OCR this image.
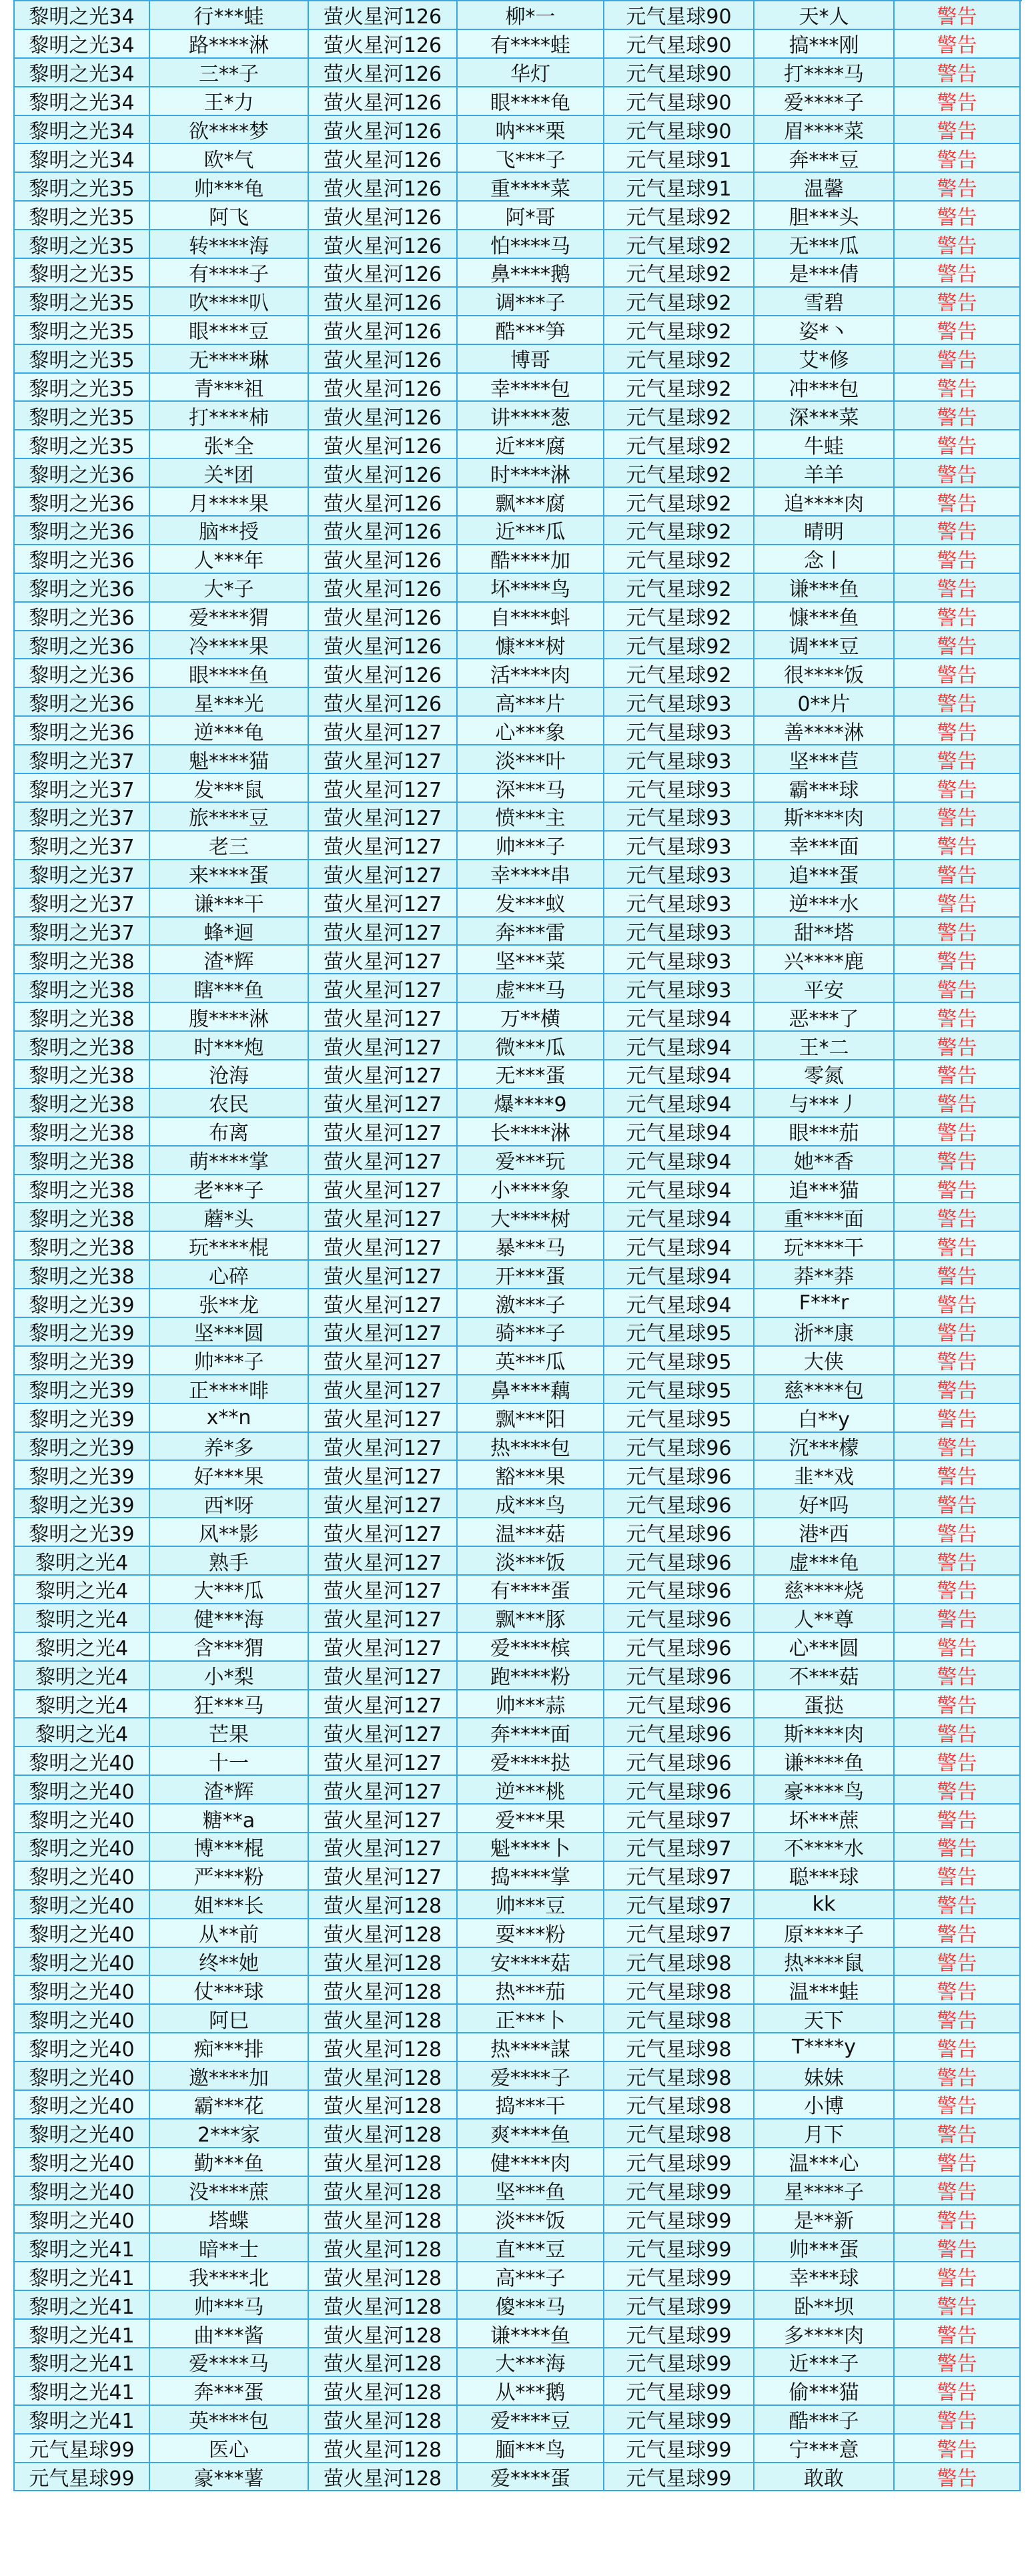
黎明之光34	行***蛙	萤火星河126	柳*一	元气星球90	天*人	警告
黎明之光34	路****淋	萤火星河126	有****蛙	元气星球90	搞***刚	警告
黎明之光34	三**子	萤火星河126	华灯	元气星球90	打****马	警告
黎明之光34	王*力	萤火星河126	眼****龟	元气星球90	爱****子	警告
黎明之光34	欲****梦	萤火星河126	呐***栗	元气星球90	眉****菜	警告
黎明之光34	欧*气	萤火星河126	飞***子	元气星球91	奔***豆	警告
黎明之光35	帅***龟	萤火星河126	重****菜	元气星球91	温馨	警告
黎明之光35	阿飞	萤火星河126	阿*哥	元气星球92	胆***头	警告
黎明之光35	转****海	萤火星河126	怕****马	元气星球92	无***瓜	警告
黎明之光35	有****子	萤火星河126	鼻****鹅	元气星球92	是***倩	警告
黎明之光35	吹****叭	萤火星河126	调***子	元气星球92	雪碧	警告
黎明之光35	眼****豆	萤火星河126	酷***笋	元气星球92	姿*丶	警告
黎明之光35	无****琳	萤火星河126	博哥	元气星球92	艾*修	警告
黎明之光35	青***祖	萤火星河126	幸****包	元气星球92	冲***包	警告
黎明之光35	打****柿	萤火星河126	讲****葱	元气星球92	深***菜	警告
黎明之光35	张*全	萤火星河126	近***腐	元气星球92	牛蛙	警告
黎明之光36	关*团	萤火星河126	时****淋	元气星球92	羊羊	警告
黎明之光36	月****果	萤火星河126	飘***腐	元气星球92	追****肉	警告
黎明之光36	脑**授	萤火星河126	近***瓜	元气星球92	晴明	警告
黎明之光36	人***年	萤火星河126	酷****加	元气星球92	念丨	警告
黎明之光36	大*子	萤火星河126	坏****鸟	元气星球92	谦***鱼	警告
黎明之光36	爱****猬	萤火星河126	自****蚪	元气星球92	慷***鱼	警告
黎明之光36	冷****果	萤火星河126	慷***树	元气星球92	调***豆	警告
黎明之光36	眼****鱼	萤火星河126	活****肉	元气星球92	很****饭	警告
黎明之光36	星***光	萤火星河126	高***片	元气星球93	0**片	警告
黎明之光36	逆***龟	萤火星河127	心***象	元气星球93	善****淋	警告
黎明之光37	魁****猫	萤火星河127	淡***叶	元气星球93	坚***苣	警告
黎明之光37	发***鼠	萤火星河127	深***马	元气星球93	霸***球	警告
黎明之光37	旅****豆	萤火星河127	愤***主	元气星球93	斯****肉	警告
黎明之光37	老三	萤火星河127	帅***子	元气星球93	幸***面	警告
黎明之光37	来****蛋	萤火星河127	幸****串	元气星球93	追***蛋	警告
黎明之光37	谦***干	萤火星河127	发***蚁	元气星球93	逆***水	警告
黎明之光37	蜂*迴	萤火星河127	奔***雷	元气星球93	甜**塔	警告
黎明之光38	渣*辉	萤火星河127	坚***菜	元气星球93	兴****鹿	警告
黎明之光38	瞎***鱼	萤火星河127	虚***马	元气星球93	平安	警告
黎明之光38	腹****淋	萤火星河127	万**横	元气星球94	恶***了	警告
黎明之光38	时***炮	萤火星河127	微***瓜	元气星球94	王*二	警告
黎明之光38	沧海	萤火星河127	无***蛋	元气星球94	零氮	警告
黎明之光38	农民	萤火星河127	爆****9	元气星球94	与***丿	警告
黎明之光38	布离	萤火星河127	长****淋	元气星球94	眼***茄	警告
黎明之光38	萌****掌	萤火星河127	爱***玩	元气星球94	她**香	警告
黎明之光38	老***子	萤火星河127	小****象	元气星球94	追***猫	警告
黎明之光38	蘑*头	萤火星河127	大****树	元气星球94	重****面	警告
黎明之光38	玩****棍	萤火星河127	暴***马	元气星球94	玩****干	警告
黎明之光38	心碎	萤火星河127	开***蛋	元气星球94	莽**莽	警告
黎明之光39	张**龙	萤火星河127	激***子	元气星球94	F***r	警告
黎明之光39	坚***圆	萤火星河127	骑***子	元气星球95	浙**康	警告
黎明之光39	帅***子	萤火星河127	英***瓜	元气星球95	大侠	警告
黎明之光39	正****啡	萤火星河127	鼻****藕	元气星球95	慈****包	警告
黎明之光39	x**n	萤火星河127	飘***阳	元气星球95	白**y	警告
黎明之光39	养*多	萤火星河127	热****包	元气星球96	沉***檬	警告
黎明之光39	好***果	萤火星河127	豁***果	元气星球96	韭**戏	警告
黎明之光39	西*呀	萤火星河127	成***鸟	元气星球96	好*吗	警告
黎明之光39	风**影	萤火星河127	温***菇	元气星球96	港*西	警告
黎明之光4	熟手	萤火星河127	淡***饭	元气星球96	虚***龟	警告
黎明之光4	大***瓜	萤火星河127	有****蛋	元气星球96	慈****烧	警告
黎明之光4	健***海	萤火星河127	飘***豚	元气星球96	人**尊	警告
黎明之光4	含***猬	萤火星河127	爱****槟	元气星球96	心***圆	警告
黎明之光4	小*梨	萤火星河127	跑****粉	元气星球96	不***菇	警告
黎明之光4	狂***马	萤火星河127	帅***蒜	元气星球96	蛋挞	警告
黎明之光4	芒果	萤火星河127	奔****面	元气星球96	斯****肉	警告
黎明之光40	十一	萤火星河127	爱****挞	元气星球96	谦****鱼	警告
黎明之光40	渣*辉	萤火星河127	逆***桃	元气星球96	豪****鸟	警告
黎明之光40	糖**a	萤火星河127	爱***果	元气星球97	坏***蔗	警告
黎明之光40	博***棍	萤火星河127	魁****卜	元气星球97	不****水	警告
黎明之光40	严***粉	萤火星河127	捣****掌	元气星球97	聪***球	警告
黎明之光40	姐***长	萤火星河128	帅***豆	元气星球97	kk	警告
黎明之光40	从**前	萤火星河128	耍***粉	元气星球97	原****子	警告
黎明之光40	终**她	萤火星河128	安****菇	元气星球98	热****鼠	警告
黎明之光40	仗***球	萤火星河128	热***茄	元气星球98	温***蛙	警告
黎明之光40	阿巳	萤火星河128	正***卜	元气星球98	天下	警告
黎明之光40	痴***排	萤火星河128	热****謀	元气星球98	T****y	警告
黎明之光40	邀****加	萤火星河128	爱****子	元气星球98	妹妹	警告
黎明之光40	霸***花	萤火星河128	捣***干	元气星球98	小博	警告
黎明之光40	2***家	萤火星河128	爽****鱼	元气星球98	月下	警告
黎明之光40	勤***鱼	萤火星河128	健****肉	元气星球99	温***心	警告
黎明之光40	没****蔗	萤火星河128	坚***鱼	元气星球99	星****子	警告
黎明之光40	塔蝶	萤火星河128	淡***饭	元气星球99	是**新	警告
黎明之光41	暗**士	萤火星河128	直***豆	元气星球99	帅***蛋	警告
黎明之光41	我****北	萤火星河128	高***子	元气星球99	幸***球	警告
黎明之光41	帅***马	萤火星河128	傻***马	元气星球99	卧**坝	警告
黎明之光41	曲***酱	萤火星河128	谦****鱼	元气星球99	多****肉	警告
黎明之光41	爱****马	萤火星河128	大***海	元气星球99	近***子	警告
黎明之光41	奔***蛋	萤火星河128	从***鹅	元气星球99	偷***猫	警告
黎明之光41	英****包	萤火星河128	爱****豆	元气星球99	酷***子	警告
元气星球99	医心	萤火星河128	腼***鸟	元气星球99	宁***意	警告
元气星球99	豪***薯	萤火星河128	爱****蛋	元气星球99	敢敢	警告
